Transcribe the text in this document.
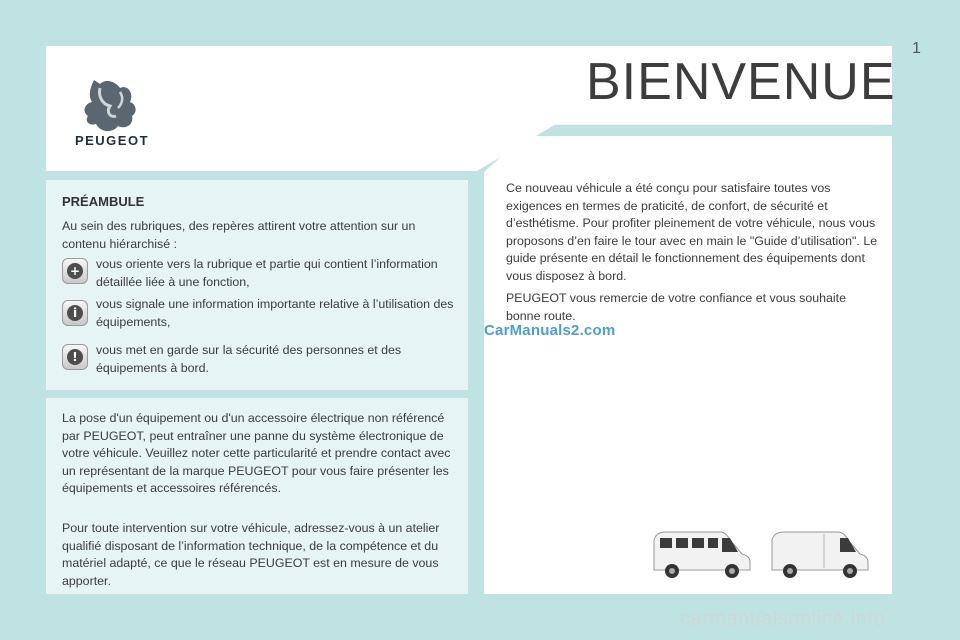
1
BIENVENUE
PEUGEOT
PRÉAMBULE

Au sein des rubriques, des repères attirent votre attention sur un contenu hiérarchisé :

+ vous oriente vers la rubrique et partie qui contient l’information détaillée liée à une fonction,

i

vous signale une information importante relative à l’utilisation des équipements,

!	vous met en garde sur la sécurité des personnes et des équipements à bord.

La pose d'un équipement ou d'un accessoire électrique non référencé par PEUGEOT, peut entraîner une panne du système électronique de votre véhicule. Veuillez noter cette particularité et prendre contact avec un représentant de la marque PEUGEOT pour vous faire présenter les équipements et accessoires référencés.

Pour toute intervention sur votre véhicule, adressez-vous à un atelier qualifié disposant de l’information technique, de la compétence et du matériel adapté, ce que le réseau PEUGEOT est en mesure de vous apporter.

Ce nouveau véhicule a été conçu pour satisfaire toutes vos exigences en termes de praticité, de confort, de sécurité et d’esthétisme. Pour profiter pleinement de votre véhicule, nous vous proposons d’en faire le tour avec en main le "Guide d’utilisation". Le guide présente en détail le fonctionnement des équipements dont vous disposez à bord.

PEUGEOT vous remercie de votre confiance et vous souhaite bonne route.

CarManuals2.com
carmanualsonline.info
